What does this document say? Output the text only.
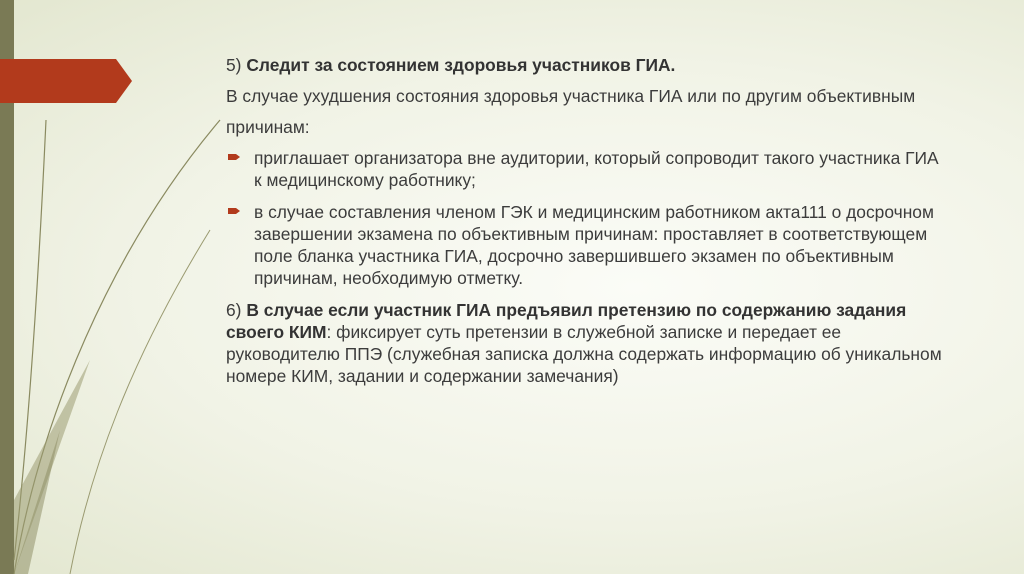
5) Следит за состоянием здоровья участников ГИА.

В случае ухудшения состояния здоровья участника ГИА или по другим объективным причинам:

приглашает организатора вне аудитории, который сопроводит такого участника ГИА к медицинскому работнику;
в случае составления членом ГЭК и медицинским работником акта111 о досрочном завершении экзамена по объективным причинам: проставляет в соответствующем поле бланка участника ГИА, досрочно завершившего экзамен по объективным причинам, необходимую отметку.

6) В случае если участник ГИА предъявил претензию по содержанию задания своего КИМ: фиксирует суть претензии в служебной записке и передает ее руководителю ППЭ (служебная записка должна содержать информацию об уникальном номере КИМ, задании и содержании замечания)
